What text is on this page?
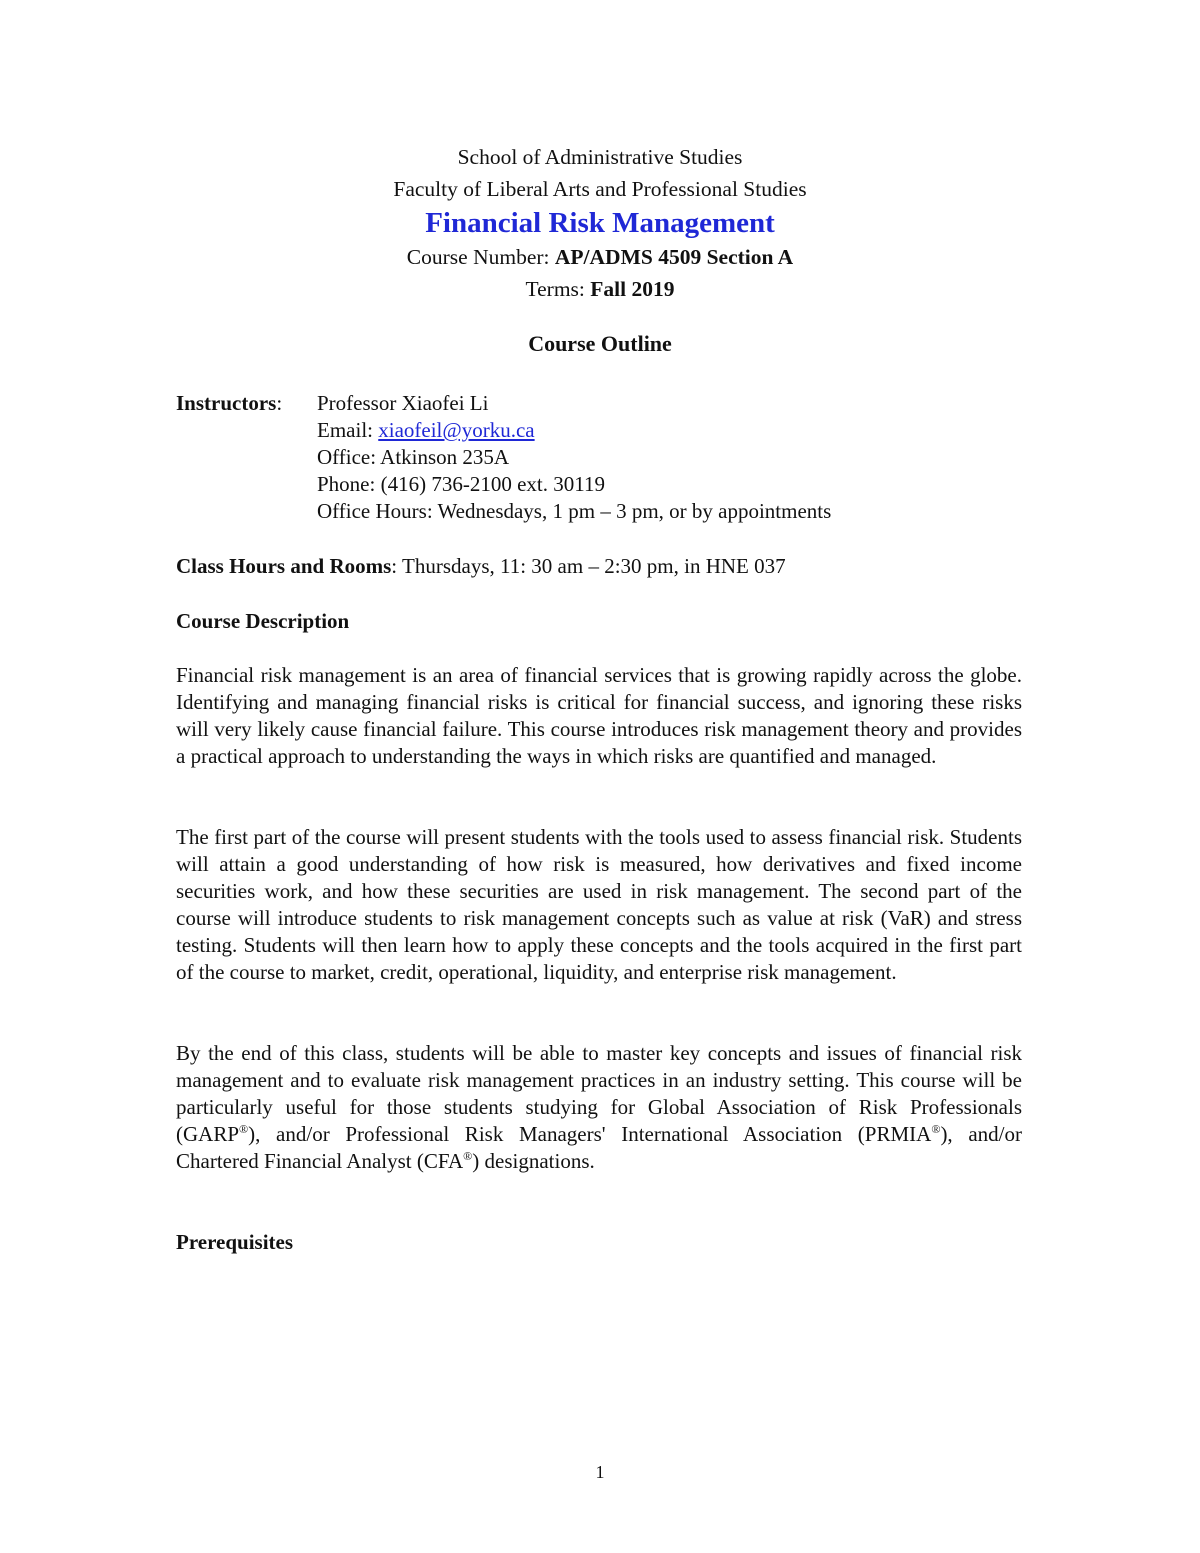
School of Administrative Studies
Faculty of Liberal Arts and Professional Studies
Financial Risk Management
Course Number: AP/ADMS 4509 Section A
Terms: Fall 2019
Course Outline
Instructors: Professor Xiaofei Li
Email: xiaofeil@yorku.ca
Office: Atkinson 235A
Phone: (416) 736-2100 ext. 30119
Office Hours: Wednesdays, 1 pm – 3 pm, or by appointments
Class Hours and Rooms: Thursdays, 11: 30 am – 2:30 pm, in HNE 037
Course Description
Financial risk management is an area of financial services that is growing rapidly across the globe. Identifying and managing financial risks is critical for financial success, and ignoring these risks will very likely cause financial failure. This course introduces risk management theory and provides a practical approach to understanding the ways in which risks are quantified and managed.
The first part of the course will present students with the tools used to assess financial risk. Students will attain a good understanding of how risk is measured, how derivatives and fixed income securities work, and how these securities are used in risk management. The second part of the course will introduce students to risk management concepts such as value at risk (VaR) and stress testing. Students will then learn how to apply these concepts and the tools acquired in the first part of the course to market, credit, operational, liquidity, and enterprise risk management.
By the end of this class, students will be able to master key concepts and issues of financial risk management and to evaluate risk management practices in an industry setting. This course will be particularly useful for those students studying for Global Association of Risk Professionals (GARP®), and/or Professional Risk Managers' International Association (PRMIA®), and/or Chartered Financial Analyst (CFA®) designations.
Prerequisites
1
